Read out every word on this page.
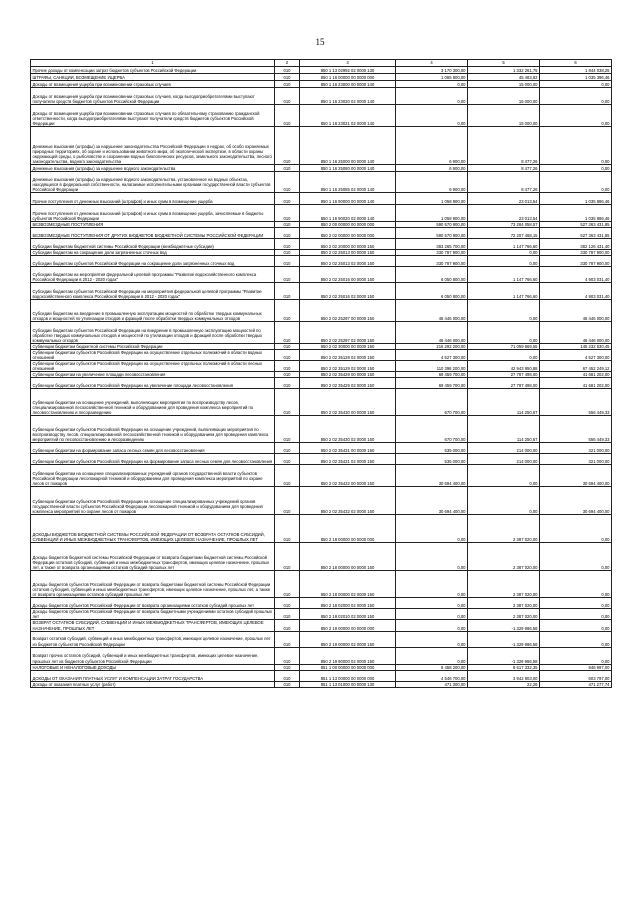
15
1	2	3	4	5	6
Прочие доходы от компенсации затрат бюджетов субъектов Российской Федерации	010	850 1 13 02992 02 0000 130	3 170 300,00	1 332 261,75	1 844 038,25
ШТРАФЫ, САНКЦИИ, ВОЗМЕЩЕНИЕ УЩЕРБА	010	850 1 16 00000 00 0000 000	1 065 800,00	45 483,82	1 035 396,46
Доходы от возмещения ущерба при возникновении страховых случаев	010	850 1 16 23000 00 0000 140	0,00	15 000,00	0,00
Доходы от возмещения ущерба при возникновении страховых случаев, когда выгодоприобретателями выступают получатели средств бюджетов субъектов Российской Федерации	010	850 1 16 23020 02 0000 140	0,00	15 000,00	0,00
Доходы от возмещения ущерба при возникновении страховых случаев по обязательному страхованию гражданской ответственности, когда выгодоприобретателями выступают получатели средств бюджетов субъектов Российской Федерации	010	850 1 16 23021 02 0000 140	0,00	15 000,00	0,00
Денежные взыскания (штрафы) за нарушение законодательства Российской Федерации о недрах, об особо охраняемых природных территориях, об охране и использовании животного мира, об экологической экспертизе, в области охраны окружающей среды, о рыболовстве и сохранении водных биологических ресурсов, земельного законодательства, лесного законодательства, водного законодательства	010	850 1 16 25000 00 0000 140	6 900,00	8 477,26	0,00
Денежные взыскания (штрафы) за нарушение водного законодательства	010	850 1 16 25080 00 0000 140	6 900,00	8 477,26	0,00
Денежные взыскания (штрафы) за нарушение водного законодательства, установленное на водных объектах, находящихся в федеральной собственности, налагаемые исполнительными органами государственной власти субъектов Российской Федерации	010	850 1 16 25085 02 0000 140	6 900,00	8 477,26	0,00
Прочие поступления от денежных взысканий (штрафов) и иных сумм в возмещение ущерба	010	850 1 16 90000 00 0000 140	1 058 900,00	23 013,54	1 035 886,46
Прочие поступления от денежных взысканий (штрафов) и иных сумм в возмещение ущерба, зачисляемые в бюджеты субъектов Российской Федерации	010	850 1 16 90020 02 0000 140	1 058 900,00	23 013,54	1 035 886,46
БЕЗВОЗМЕЗДНЫЕ ПОСТУПЛЕНИЯ	010	850 2 00 00000 00 0000 000	590 570 900,00	73 284 058,57	527 363 431,85
БЕЗВОЗМЕЗДНЫЕ ПОСТУПЛЕНИЯ ОТ ДРУГИХ БЮДЖЕТОВ БЮДЖЕТНОЙ СИСТЕМЫ РОССИЙСКОЙ ФЕДЕРАЦИИ	010	850 2 02 00000 00 0000 000	590 570 900,00	72 207 468,15	527 363 431,85
Субсидии бюджетам бюджетной системы Российской Федерации (межбюджетные субсидии)	010	850 2 02 20000 00 0000 150	383 265 700,00	1 147 766,60	382 126 431,40
Субсидии бюджетам на сокращение доли загрязненных сточных вод	010	850 2 02 25013 00 0000 150	330 787 900,00	0,00	330 787 900,00
Субсидии бюджетам субъектов Российской Федерации на сокращение доли загрязненных сточных вод	010	850 2 02 25013 02 0000 150	330 787 900,00	0,00	330 787 900,00
Субсидии бюджетам на мероприятия федеральной целевой программы "Развитие водохозяйственного комплекса Российской Федерации в 2012 - 2020 годах"	010	850 2 02 25016 00 0000 150	6 050 800,00	1 147 766,60	4 903 031,40
Субсидии бюджетам субъектов Российской Федерации на мероприятия федеральной целевой программы "Развитие водохозяйственного комплекса Российской Федерации в 2012 - 2020 годах"	010	850 2 02 25016 02 0000 150	6 050 800,00	1 147 766,60	4 903 031,40
Субсидии бюджетам на внедрение в промышленную эксплуатацию мощностей по обработке твердых коммунальных отходов и мощностей по утилизации отходов и фракций после обработки твердых коммунальных отходов	010	850 2 02 25297 00 0000 150	46 446 000,00	0,00	46 446 000,00
Субсидии бюджетам субъектов Российской Федерации на внедрение в промышленную эксплуатацию мощностей по обработке твердых коммунальных отходов и мощностей по утилизации отходов и фракций после обработки твердых коммунальных отходов	010	850 2 02 25297 02 0000 150	46 446 000,00	0,00	46 446 000,00
Субвенции бюджетам бюджетной системы Российской Федерации	010	850 2 02 30000 00 0000 150	216 292 200,00	71 059 669,55	145 232 530,45
Субвенции бюджетам субъектов Российской Федерации на осуществление отдельных полномочий в области водных отношений	010	850 2 02 35128 02 0000 150	4 527 300,00	0,00	4 527 300,00
Субвенции бюджетам субъектов Российской Федерации на осуществление отдельных полномочий в области лесных отношений	010	850 2 02 35129 02 0000 150	110 398 200,00	42 943 950,88	67 452 249,12
Субвенции бюджетам на увеличение площади лесовосстановления	010	850 2 02 35429 00 0000 150	69 459 700,00	27 787 498,00	41 681 202,00
Субвенции бюджетам субъектов Российской Федерации на увеличение площади лесовосстановления	010	850 2 02 35429 02 0000 150	69 459 700,00	27 787 498,00	41 681 202,00
Субвенции бюджетам на оснащение учреждений, выполняющих мероприятия по воспроизводству лесов, специализированной лесохозяйственной техникой и оборудованием для проведения комплекса мероприятий по лесовосстановлению и лесоразведению	010	850 2 02 35430 00 0000 150	670 700,00	114 250,67	556 449,33
Субвенции бюджетам субъектов Российской Федерации на оснащение учреждений, выполняющих мероприятия по воспроизводству лесов, специализированной лесохозяйственной техникой и оборудованием для проведения комплекса мероприятий по лесовосстановлению и лесоразведению	010	850 2 02 35430 02 0000 150	670 700,00	114 250,67	556 449,33
Субвенции бюджетам на формирование запаса лесных семян для лесовосстановления	010	850 2 02 35431 00 0000 150	535 000,00	214 000,00	321 000,00
Субвенции бюджетам субъектов Российской Федерации на формирование запаса лесных семян для лесовосстановления	010	850 2 02 35431 02 0000 150	535 000,00	214 000,00	321 000,00
Субвенции бюджетам на оснащение специализированных учреждений органов государственной власти субъектов Российской Федерации лесопожарной техникой и оборудованием для проведения комплекса мероприятий по охране лесов от пожаров	010	850 2 02 35432 00 0000 150	30 694 400,00	0,00	30 694 400,00
Субвенции бюджетам субъектов Российской Федерации на оснащение специализированных учреждений органов государственной власти субъектов Российской Федерации лесопожарной техникой и оборудованием для проведения комплекса мероприятий по охране лесов от пожаров	010	850 2 02 35432 02 0000 150	30 694 400,00	0,00	30 694 400,00
ДОХОДЫ БЮДЖЕТОВ БЮДЖЕТНОЙ СИСТЕМЫ РОССИЙСКОЙ ФЕДЕРАЦИИ ОТ ВОЗВРАТА ОСТАТКОВ СУБСИДИЙ, СУБВЕНЦИЙ И ИНЫХ МЕЖБЮДЖЕТНЫХ ТРАНСФЕРТОВ, ИМЕЮЩИХ ЦЕЛЕВОЕ НАЗНАЧЕНИЕ, ПРОШЛЫХ ЛЕТ	010	850 2 18 00000 00 0000 000	0,00	2 387 020,00	0,00
Доходы бюджетов бюджетной системы Российской Федерации от возврата бюджетами бюджетной системы Российской Федерации остатков субсидий, субвенций и иных межбюджетных трансфертов, имеющих целевое назначение, прошлых лет, а также от возврата организациями остатков субсидий прошлых лет	010	850 2 18 00000 00 0000 150	0,00	2 387 020,00	0,00
Доходы бюджетов субъектов Российской Федерации от возврата бюджетами бюджетной системы Российской Федерации остатков субсидий, субвенций и иных межбюджетных трансфертов, имеющих целевое назначение, прошлых лет, а также от возврата организациями остатков субсидий прошлых лет	010	850 2 18 00000 02 0000 150	0,00	2 387 020,00	0,00
Доходы бюджетов субъектов Российской Федерации от возврата организациями остатков субсидий прошлых лет	010	850 2 18 02000 02 0000 150	0,00	2 387 020,00	0,00
Доходы бюджетов субъектов Российской Федерации от возврата бюджетными учреждениями остатков субсидий прошлых лет	010	850 2 18 02010 02 0000 150	0,00	2 387 020,00	0,00
ВОЗВРАТ ОСТАТКОВ СУБСИДИЙ, СУБВЕНЦИЙ И ИНЫХ МЕЖБЮДЖЕТНЫХ ТРАНСФЕРТОВ, ИМЕЮЩИХ ЦЕЛЕВОЕ НАЗНАЧЕНИЕ, ПРОШЛЫХ ЛЕТ	010	850 2 19 00000 00 0000 000	0,00	-1 329 986,58	0,00
Возврат остатков субсидий, субвенций и иных межбюджетных трансфертов, имеющих целевое назначение, прошлых лет из бюджетов субъектов Российской Федерации	010	850 2 19 00000 02 0000 150	0,00	-1 329 986,58	0,00
Возврат прочих остатков субсидий, субвенций и иных межбюджетных трансфертов, имеющих целевое назначение, прошлых лет из бюджетов субъектов Российской Федерации	010	850 2 19 90000 02 0000 150	0,00	-1 329 986,58	0,00
НАЛОГОВЫЕ И НЕНАЛОГОВЫЕ ДОХОДЫ	010	851 1 00 00000 00 0000 000	8 458 200,00	8 617 332,35	946 997,00
ДОХОДЫ ОТ ОКАЗАНИЯ ПЛАТНЫХ УСЛУГ И КОМПЕНСАЦИИ ЗАТРАТ ГОСУДАРСТВА	010	851 1 13 00000 00 0000 000	4 546 700,00	3 942 903,00	603 797,00
Доходы от оказания платных услуг (работ)	010	851 1 13 01000 00 0000 130	471 300,00	22,26	471 277,74
